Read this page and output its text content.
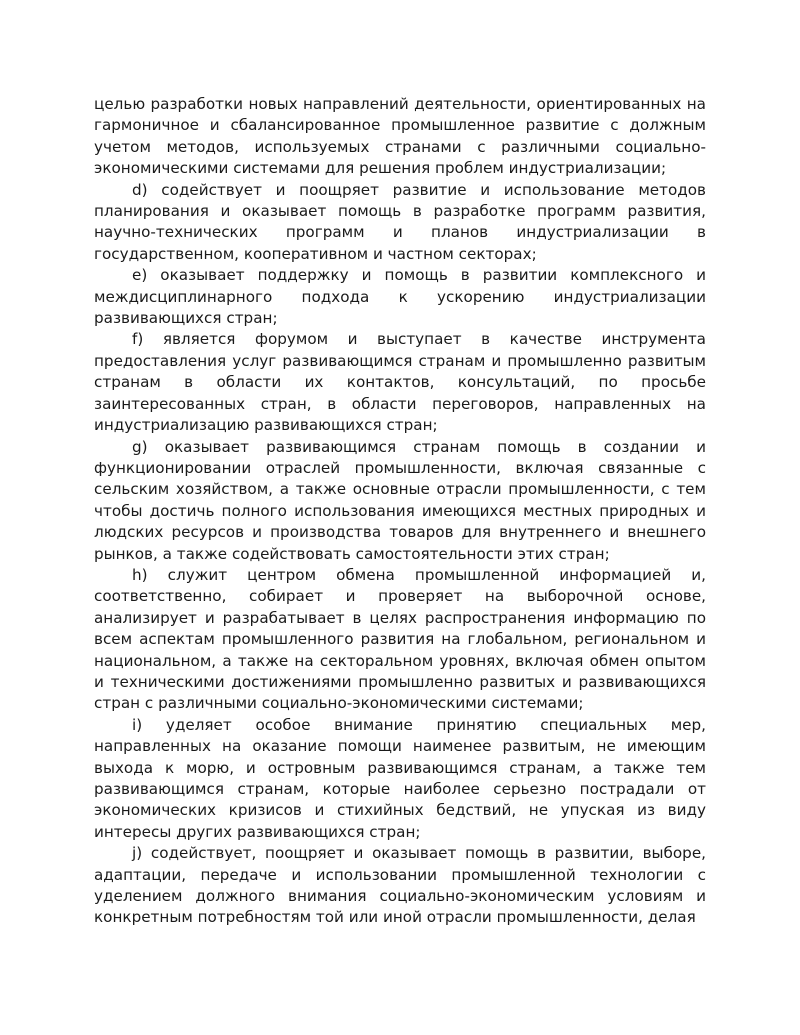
целью разработки новых направлений деятельности, ориентированных на гармоничное и сбалансированное промышленное развитие с должным учетом методов, используемых странами с различными социально-экономическими системами для решения проблем индустриализации;

d) содействует и поощряет развитие и использование методов планирования и оказывает помощь в разработке программ развития, научно-технических программ и планов индустриализации в государственном, кооперативном и частном секторах;

e) оказывает поддержку и помощь в развитии комплексного и междисциплинарного подхода к ускорению индустриализации развивающихся стран;

f) является форумом и выступает в качестве инструмента предоставления услуг развивающимся странам и промышленно развитым странам в области их контактов, консультаций, по просьбе заинтересованных стран, в области переговоров, направленных на индустриализацию развивающихся стран;

g) оказывает развивающимся странам помощь в создании и функционировании отраслей промышленности, включая связанные с сельским хозяйством, а также основные отрасли промышленности, с тем чтобы достичь полного использования имеющихся местных природных и людских ресурсов и производства товаров для внутреннего и внешнего рынков, а также содействовать самостоятельности этих стран;

h) служит центром обмена промышленной информацией и, соответственно, собирает и проверяет на выборочной основе, анализирует и разрабатывает в целях распространения информацию по всем аспектам промышленного развития на глобальном, региональном и национальном, а также на секторальном уровнях, включая обмен опытом и техническими достижениями промышленно развитых и развивающихся стран с различными социально-экономическими системами;

i) уделяет особое внимание принятию специальных мер, направленных на оказание помощи наименее развитым, не имеющим выхода к морю, и островным развивающимся странам, а также тем развивающимся странам, которые наиболее серьезно пострадали от экономических кризисов и стихийных бедствий, не упуская из виду интересы других развивающихся стран;

j) содействует, поощряет и оказывает помощь в развитии, выборе, адаптации, передаче и использовании промышленной технологии с уделением должного внимания социально-экономическим условиям и конкретным потребностям той или иной отрасли промышленности, делая
